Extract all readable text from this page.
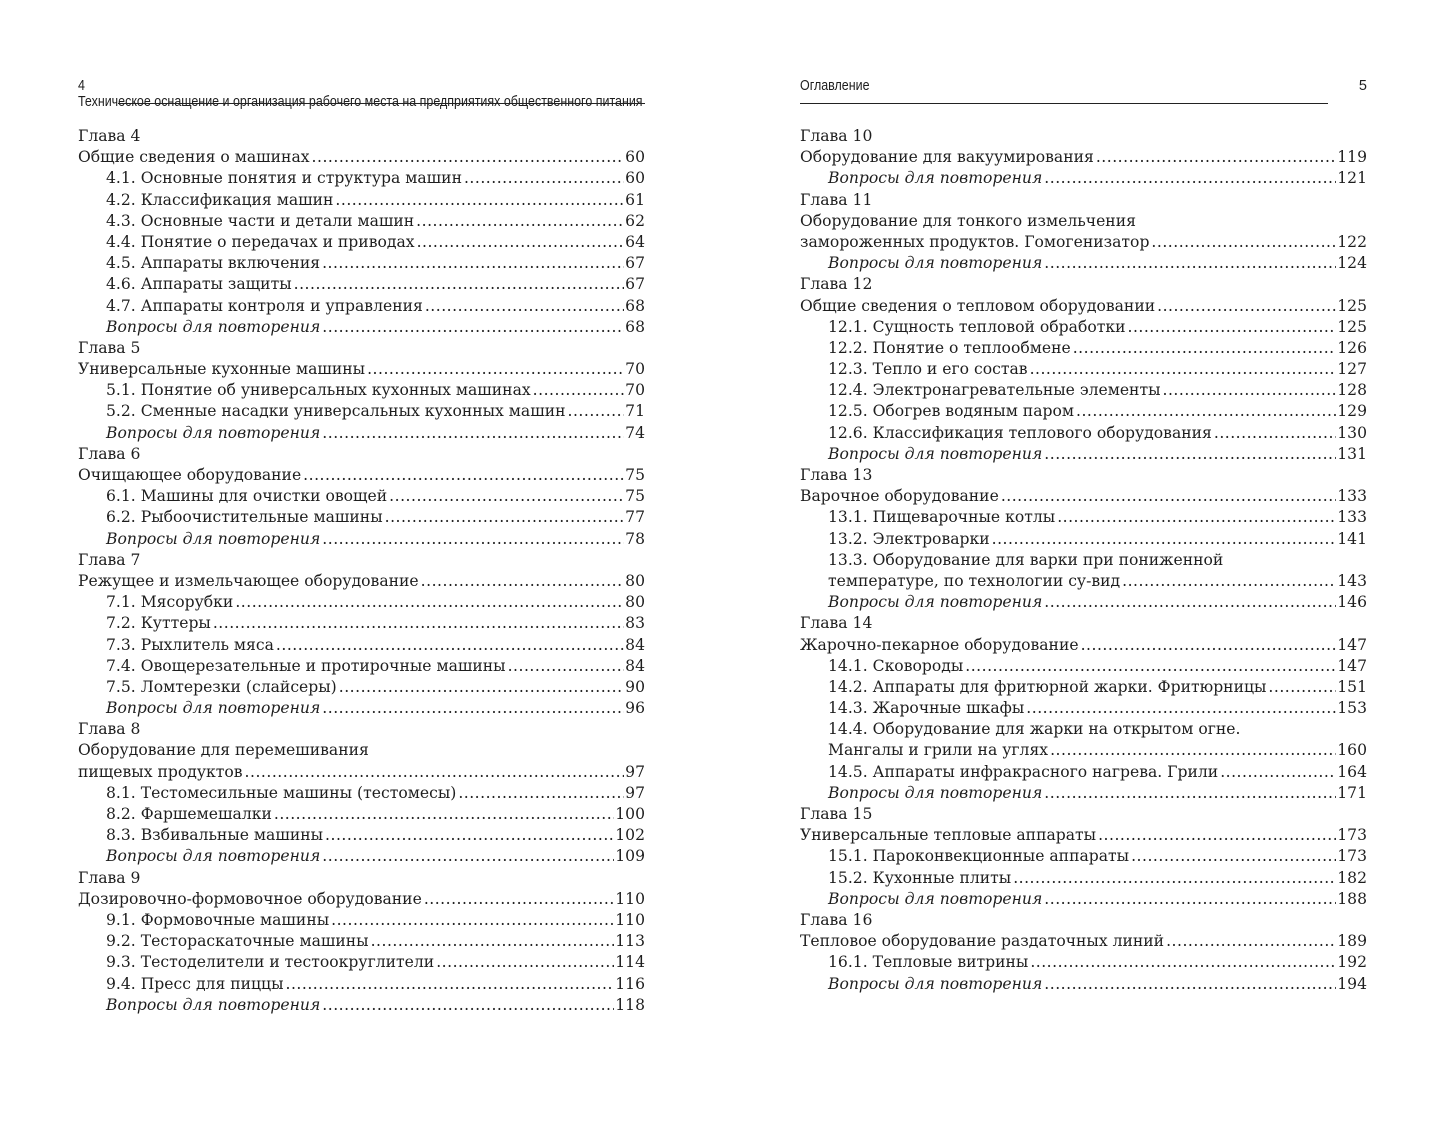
4Техническое оснащение и организация рабочего места на предприятиях общественного питания
Глава 4
Общие сведения о машинах .....	60
4.1. Основные понятия и структура машин .....	60
4.2. Классификация машин .....	61
4.3. Основные части и детали машин .....	62
4.4. Понятие о передачах и приводах .....	64
4.5. Аппараты включения .....	67
4.6. Аппараты защиты .....	67
4.7. Аппараты контроля и управления .....	68
Вопросы для повторения .....	68
Глава 5
Универсальные кухонные машины .....	70
5.1. Понятие об универсальных кухонных машинах .....	70
5.2. Сменные насадки универсальных кухонных машин .....	71
Вопросы для повторения .....	74
Глава 6
Очищающее оборудование .....	75
6.1. Машины для очистки овощей .....	75
6.2. Рыбоочистительные машины .....	77
Вопросы для повторения .....	78
Глава 7
Режущее и измельчающее оборудование .....	80
7.1. Мясорубки .....	80
7.2. Куттеры .....	83
7.3. Рыхлитель мяса .....	84
7.4. Овощерезательные и протирочные машины .....	84
7.5. Ломтерезки (слайсеры) .....	90
Вопросы для повторения .....	96
Глава 8
Оборудование для перемешивания
пищевых продуктов .....	97
8.1. Тестомесильные машины (тестомесы) .....	97
8.2. Фаршемешалки .....	100
8.3. Взбивальные машины .....	102
Вопросы для повторения .....	109
Глава 9
Дозировочно-формовочное оборудование .....	110
9.1. Формовочные машины .....	110
9.2. Тестораскаточные машины .....	113
9.3. Тестоделители и тестоокруглители .....	114
9.4. Пресс для пиццы .....	116
Вопросы для повторения .....	118
Оглавление	5
Глава 10
Оборудование для вакуумирования .....	119
Вопросы для повторения .....	121
Глава 11
Оборудование для тонкого измельчения
замороженных продуктов. Гомогенизатор .....	122
Вопросы для повторения .....	124
Глава 12
Общие сведения о тепловом оборудовании .....	125
12.1. Сущность тепловой обработки .....	125
12.2. Понятие о теплообмене .....	126
12.3. Тепло и его состав .....	127
12.4. Электронагревательные элементы .....	128
12.5. Обогрев водяным паром .....	129
12.6. Классификация теплового оборудования .....	130
Вопросы для повторения .....	131
Глава 13
Варочное оборудование .....	133
13.1. Пищеварочные котлы .....	133
13.2. Электроварки .....	141
13.3. Оборудование для варки при пониженной
температуре, по технологии су-вид .....	143
Вопросы для повторения .....	146
Глава 14
Жарочно-пекарное оборудование .....	147
14.1. Сковороды .....	147
14.2. Аппараты для фритюрной жарки. Фритюрницы .....	151
14.3. Жарочные шкафы .....	153
14.4. Оборудование для жарки на открытом огне.
Мангалы и грили на углях .....	160
14.5. Аппараты инфракрасного нагрева. Грили .....	164
Вопросы для повторения .....	171
Глава 15
Универсальные тепловые аппараты .....	173
15.1. Пароконвекционные аппараты .....	173
15.2. Кухонные плиты .....	182
Вопросы для повторения .....	188
Глава 16
Тепловое оборудование раздаточных линий .....	189
16.1. Тепловые витрины .....	192
Вопросы для повторения .....	194
